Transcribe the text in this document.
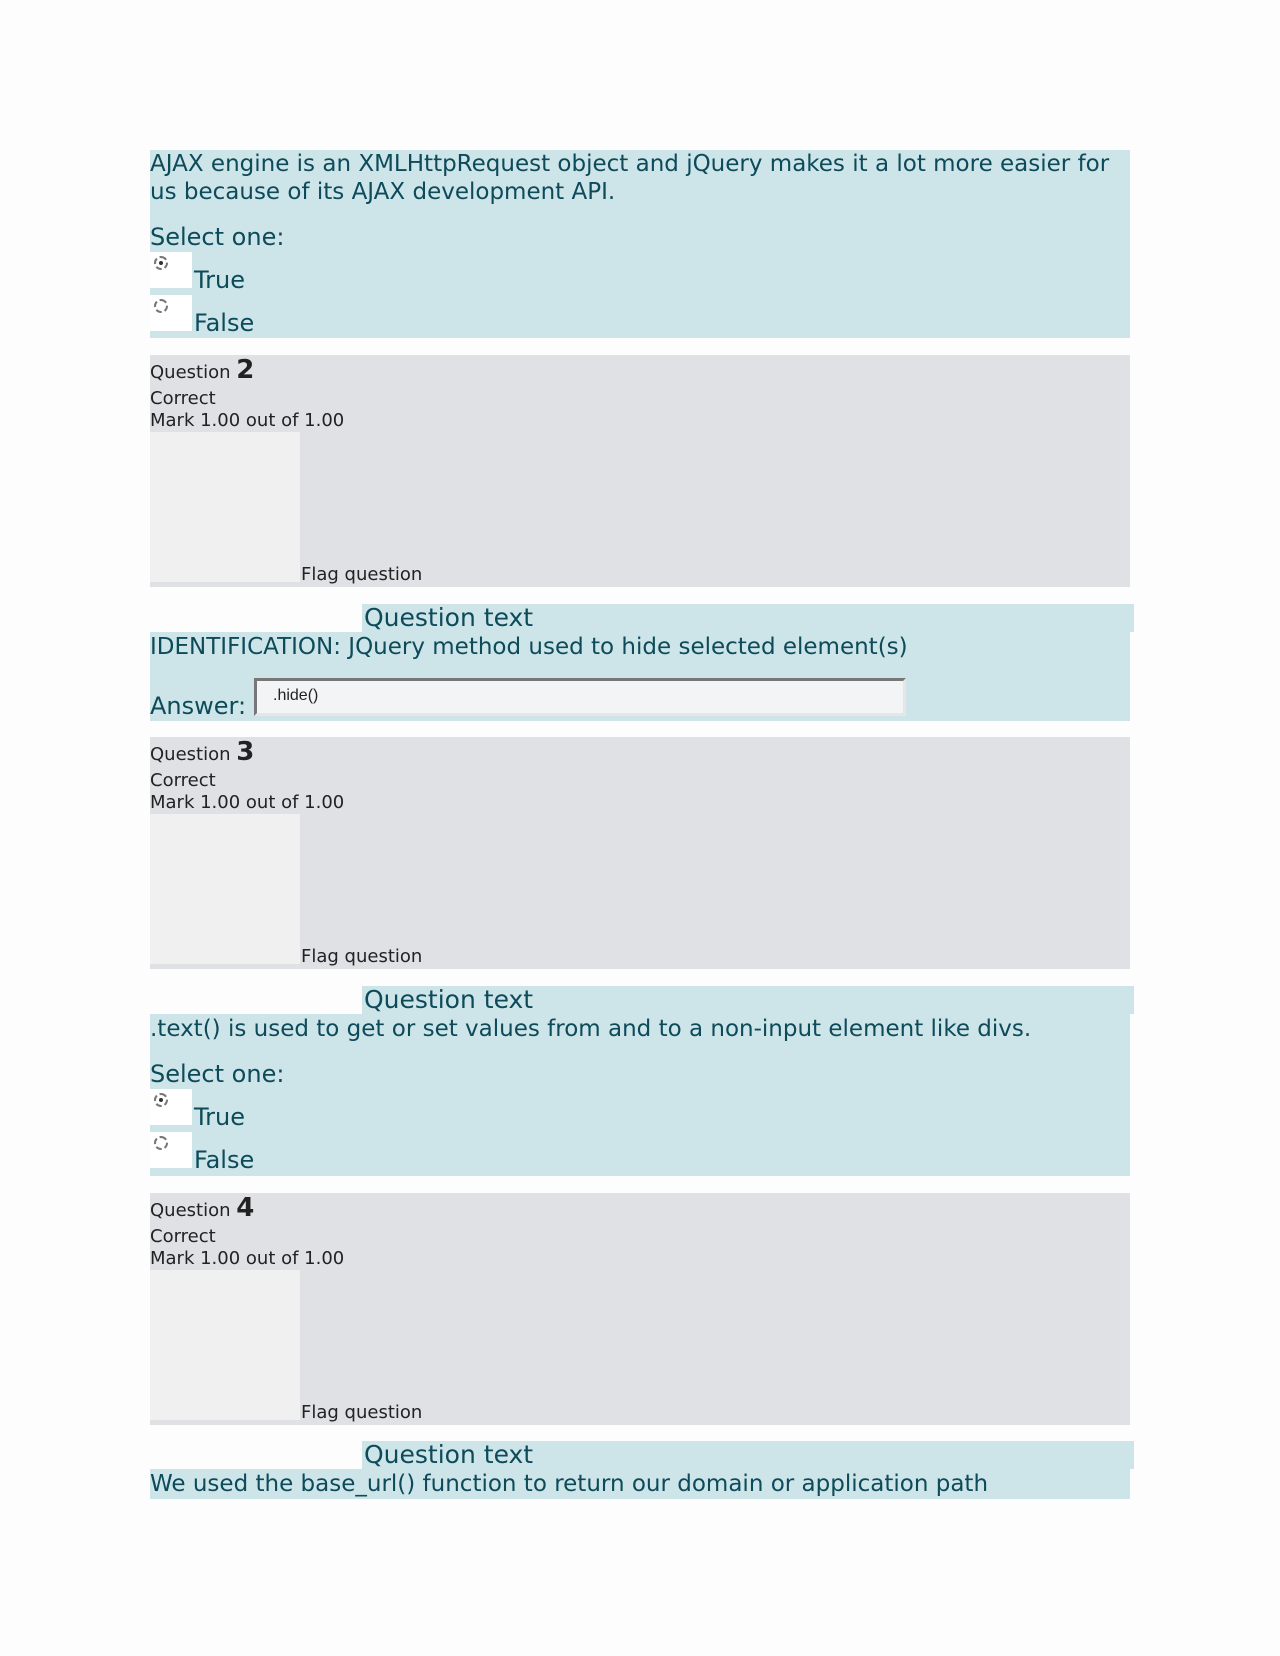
AJAX engine is an XMLHttpRequest object and jQuery makes it a lot more easier for us because of its AJAX development API.
Select one:
True
False
Question 2
Correct
Mark 1.00 out of 1.00
Flag question
Question text
IDENTIFICATION: JQuery method used to hide selected element(s)
Answer:	.hide()
Question 3
Correct
Mark 1.00 out of 1.00
Flag question
Question text
.text() is used to get or set values from and to a non-input element like divs.
Select one:
True
False
Question 4
Correct
Mark 1.00 out of 1.00
Flag question
Question text
We used the base_url() function to return our domain or application path
